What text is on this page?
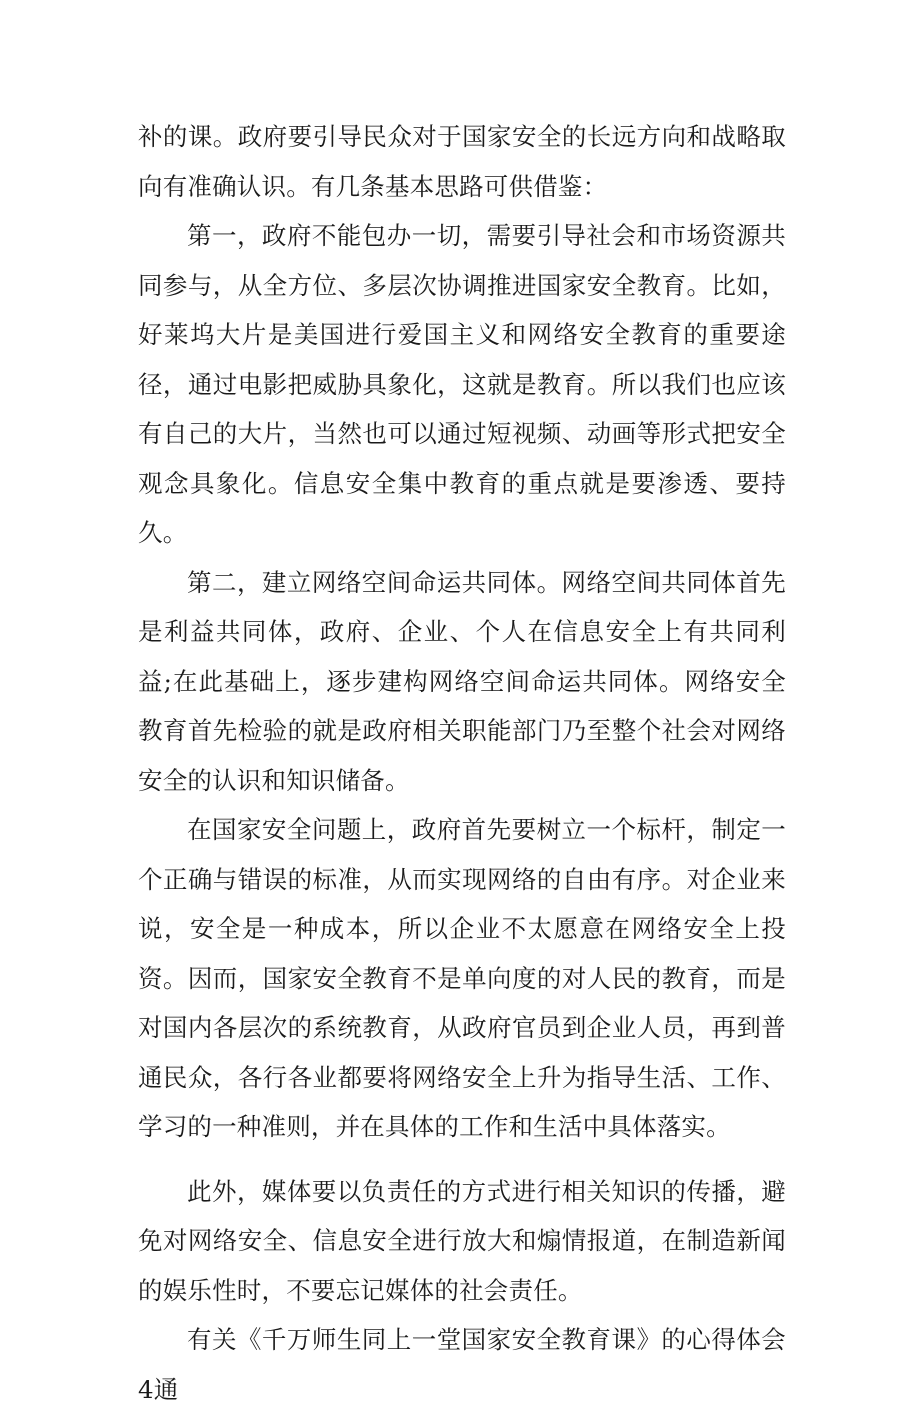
补的课。政府要引导民众对于国家安全的长远方向和战略取向有准确认识。有几条基本思路可供借鉴：

第一，政府不能包办一切，需要引导社会和市场资源共同参与，从全方位、多层次协调推进国家安全教育。比如，好莱坞大片是美国进行爱国主义和网络安全教育的重要途径，通过电影把威胁具象化，这就是教育。所以我们也应该有自己的大片，当然也可以通过短视频、动画等形式把安全观念具象化。信息安全集中教育的重点就是要渗透、要持久。

第二，建立网络空间命运共同体。网络空间共同体首先是利益共同体，政府、企业、个人在信息安全上有共同利益;在此基础上，逐步建构网络空间命运共同体。网络安全教育首先检验的就是政府相关职能部门乃至整个社会对网络安全的认识和知识储备。

在国家安全问题上，政府首先要树立一个标杆，制定一个正确与错误的标准，从而实现网络的自由有序。对企业来说，安全是一种成本，所以企业不太愿意在网络安全上投资。因而，国家安全教育不是单向度的对人民的教育，而是对国内各层次的系统教育，从政府官员到企业人员，再到普通民众，各行各业都要将网络安全上升为指导生活、工作、学习的一种准则，并在具体的工作和生活中具体落实。

此外，媒体要以负责任的方式进行相关知识的传播，避免对网络安全、信息安全进行放大和煽情报道，在制造新闻的娱乐性时，不要忘记媒体的社会责任。

有关《千万师生同上一堂国家安全教育课》的心得体会4通
